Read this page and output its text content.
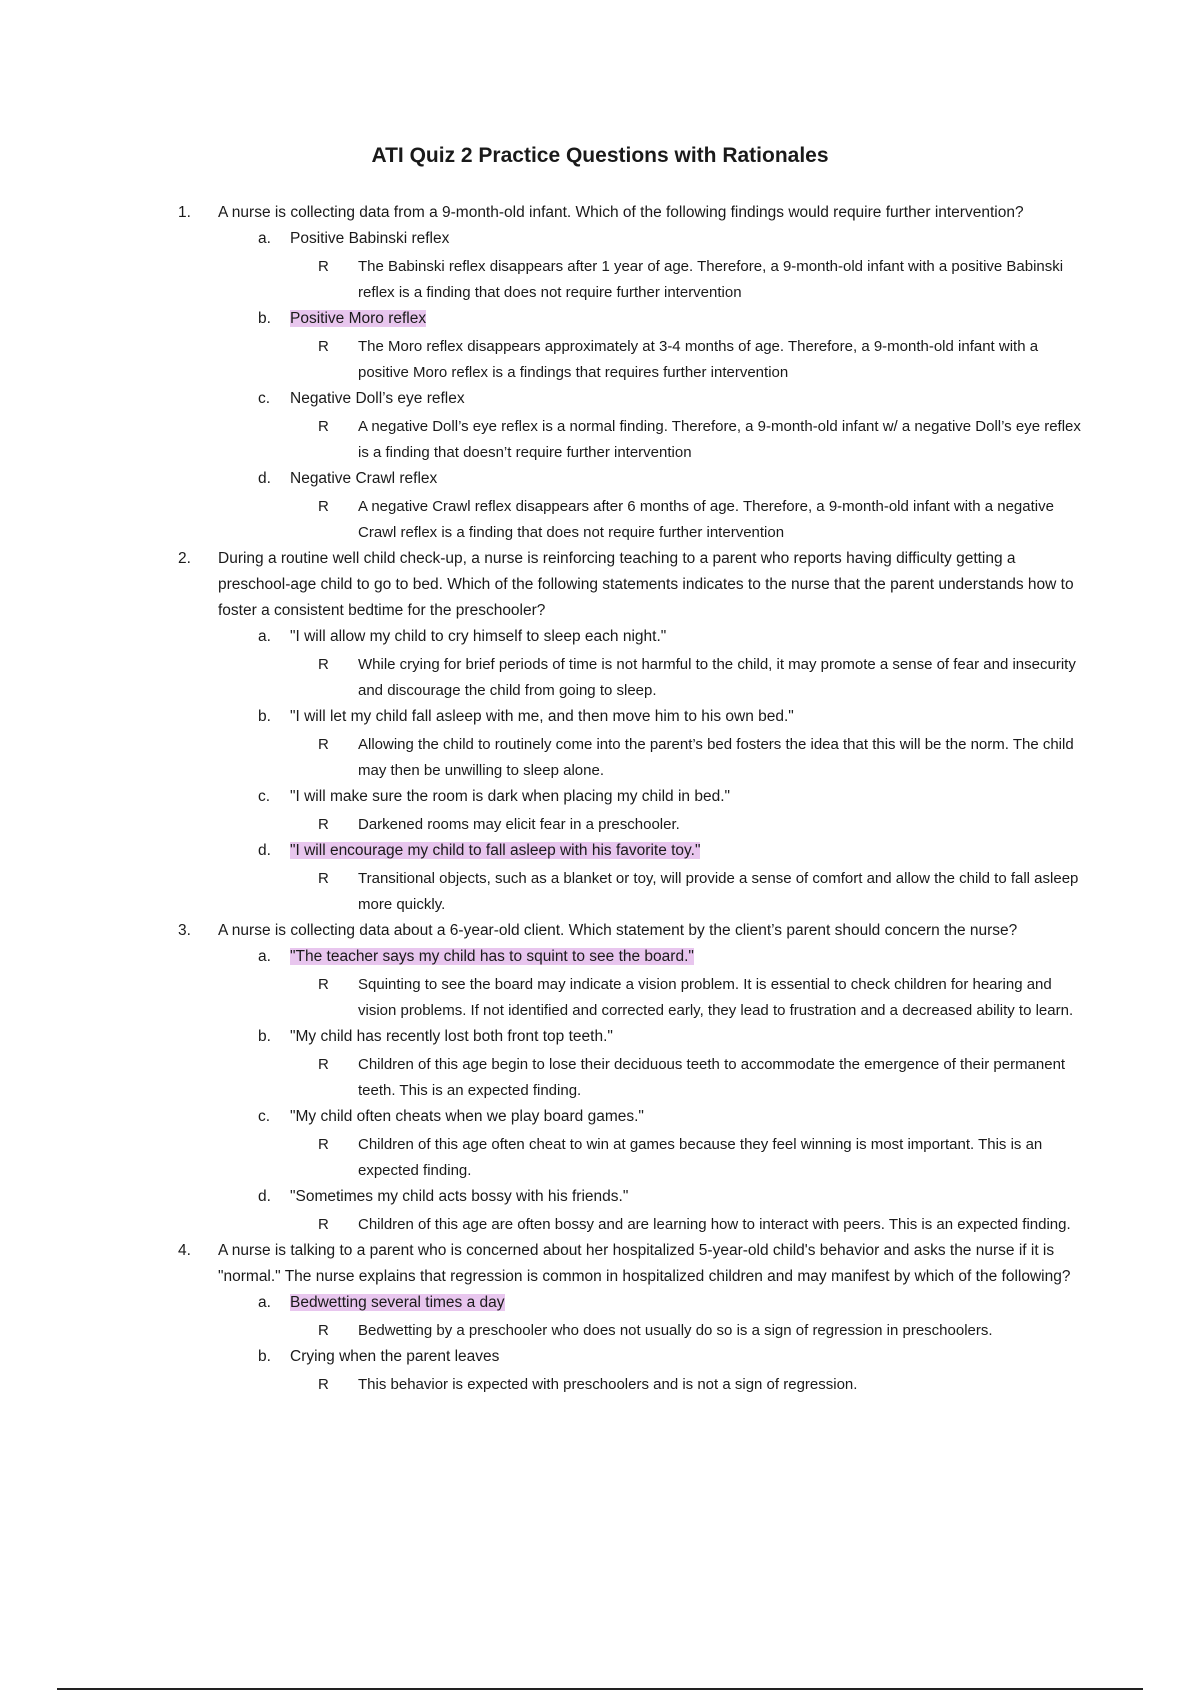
ATI Quiz 2 Practice Questions with Rationales
1. A nurse is collecting data from a 9-month-old infant. Which of the following findings would require further intervention?
a.	Positive Babinski reflex
R	The Babinski reflex disappears after 1 year of age. Therefore, a 9-month-old infant with a positive Babinski reflex is a finding that does not require further intervention
b.	Positive Moro reflex
R	The Moro reflex disappears approximately at 3-4 months of age. Therefore, a 9-month-old infant with a positive Moro reflex is a findings that requires further intervention
c.	Negative Doll’s eye reflex
R	A negative Doll’s eye reflex is a normal finding. Therefore, a 9-month-old infant w/ a negative Doll’s eye reflex is a finding that doesn’t require further intervention
d.	Negative Crawl reflex
R	A negative Crawl reflex disappears after 6 months of age. Therefore, a 9-month-old infant with a negative Crawl reflex is a finding that does not require further intervention
2. During a routine well child check-up, a nurse is reinforcing teaching to a parent who reports having difficulty getting a preschool-age child to go to bed. Which of the following statements indicates to the nurse that the parent understands how to foster a consistent bedtime for the preschooler?
a.	"I will allow my child to cry himself to sleep each night."
R	While crying for brief periods of time is not harmful to the child, it may promote a sense of fear and insecurity and discourage the child from going to sleep.
b.	"I will let my child fall asleep with me, and then move him to his own bed."
R	Allowing the child to routinely come into the parent’s bed fosters the idea that this will be the norm. The child may then be unwilling to sleep alone.
c.	"I will make sure the room is dark when placing my child in bed."
R	Darkened rooms may elicit fear in a preschooler.
d.	"I will encourage my child to fall asleep with his favorite toy."
R	Transitional objects, such as a blanket or toy, will provide a sense of comfort and allow the child to fall asleep more quickly.
3. A nurse is collecting data about a 6-year-old client. Which statement by the client’s parent should concern the nurse?
a.	"The teacher says my child has to squint to see the board."
R	Squinting to see the board may indicate a vision problem. It is essential to check children for hearing and vision problems. If not identified and corrected early, they lead to frustration and a decreased ability to learn.
b.	"My child has recently lost both front top teeth."
R	Children of this age begin to lose their deciduous teeth to accommodate the emergence of their permanent teeth. This is an expected finding.
c.	"My child often cheats when we play board games."
R	Children of this age often cheat to win at games because they feel winning is most important. This is an expected finding.
d.	"Sometimes my child acts bossy with his friends."
R	Children of this age are often bossy and are learning how to interact with peers. This is an expected finding.
4. A nurse is talking to a parent who is concerned about her hospitalized 5-year-old child's behavior and asks the nurse if it is "normal." The nurse explains that regression is common in hospitalized children and may manifest by which of the following?
a.	Bedwetting several times a day
R	Bedwetting by a preschooler who does not usually do so is a sign of regression in preschoolers.
b.	Crying when the parent leaves
R	This behavior is expected with preschoolers and is not a sign of regression.
